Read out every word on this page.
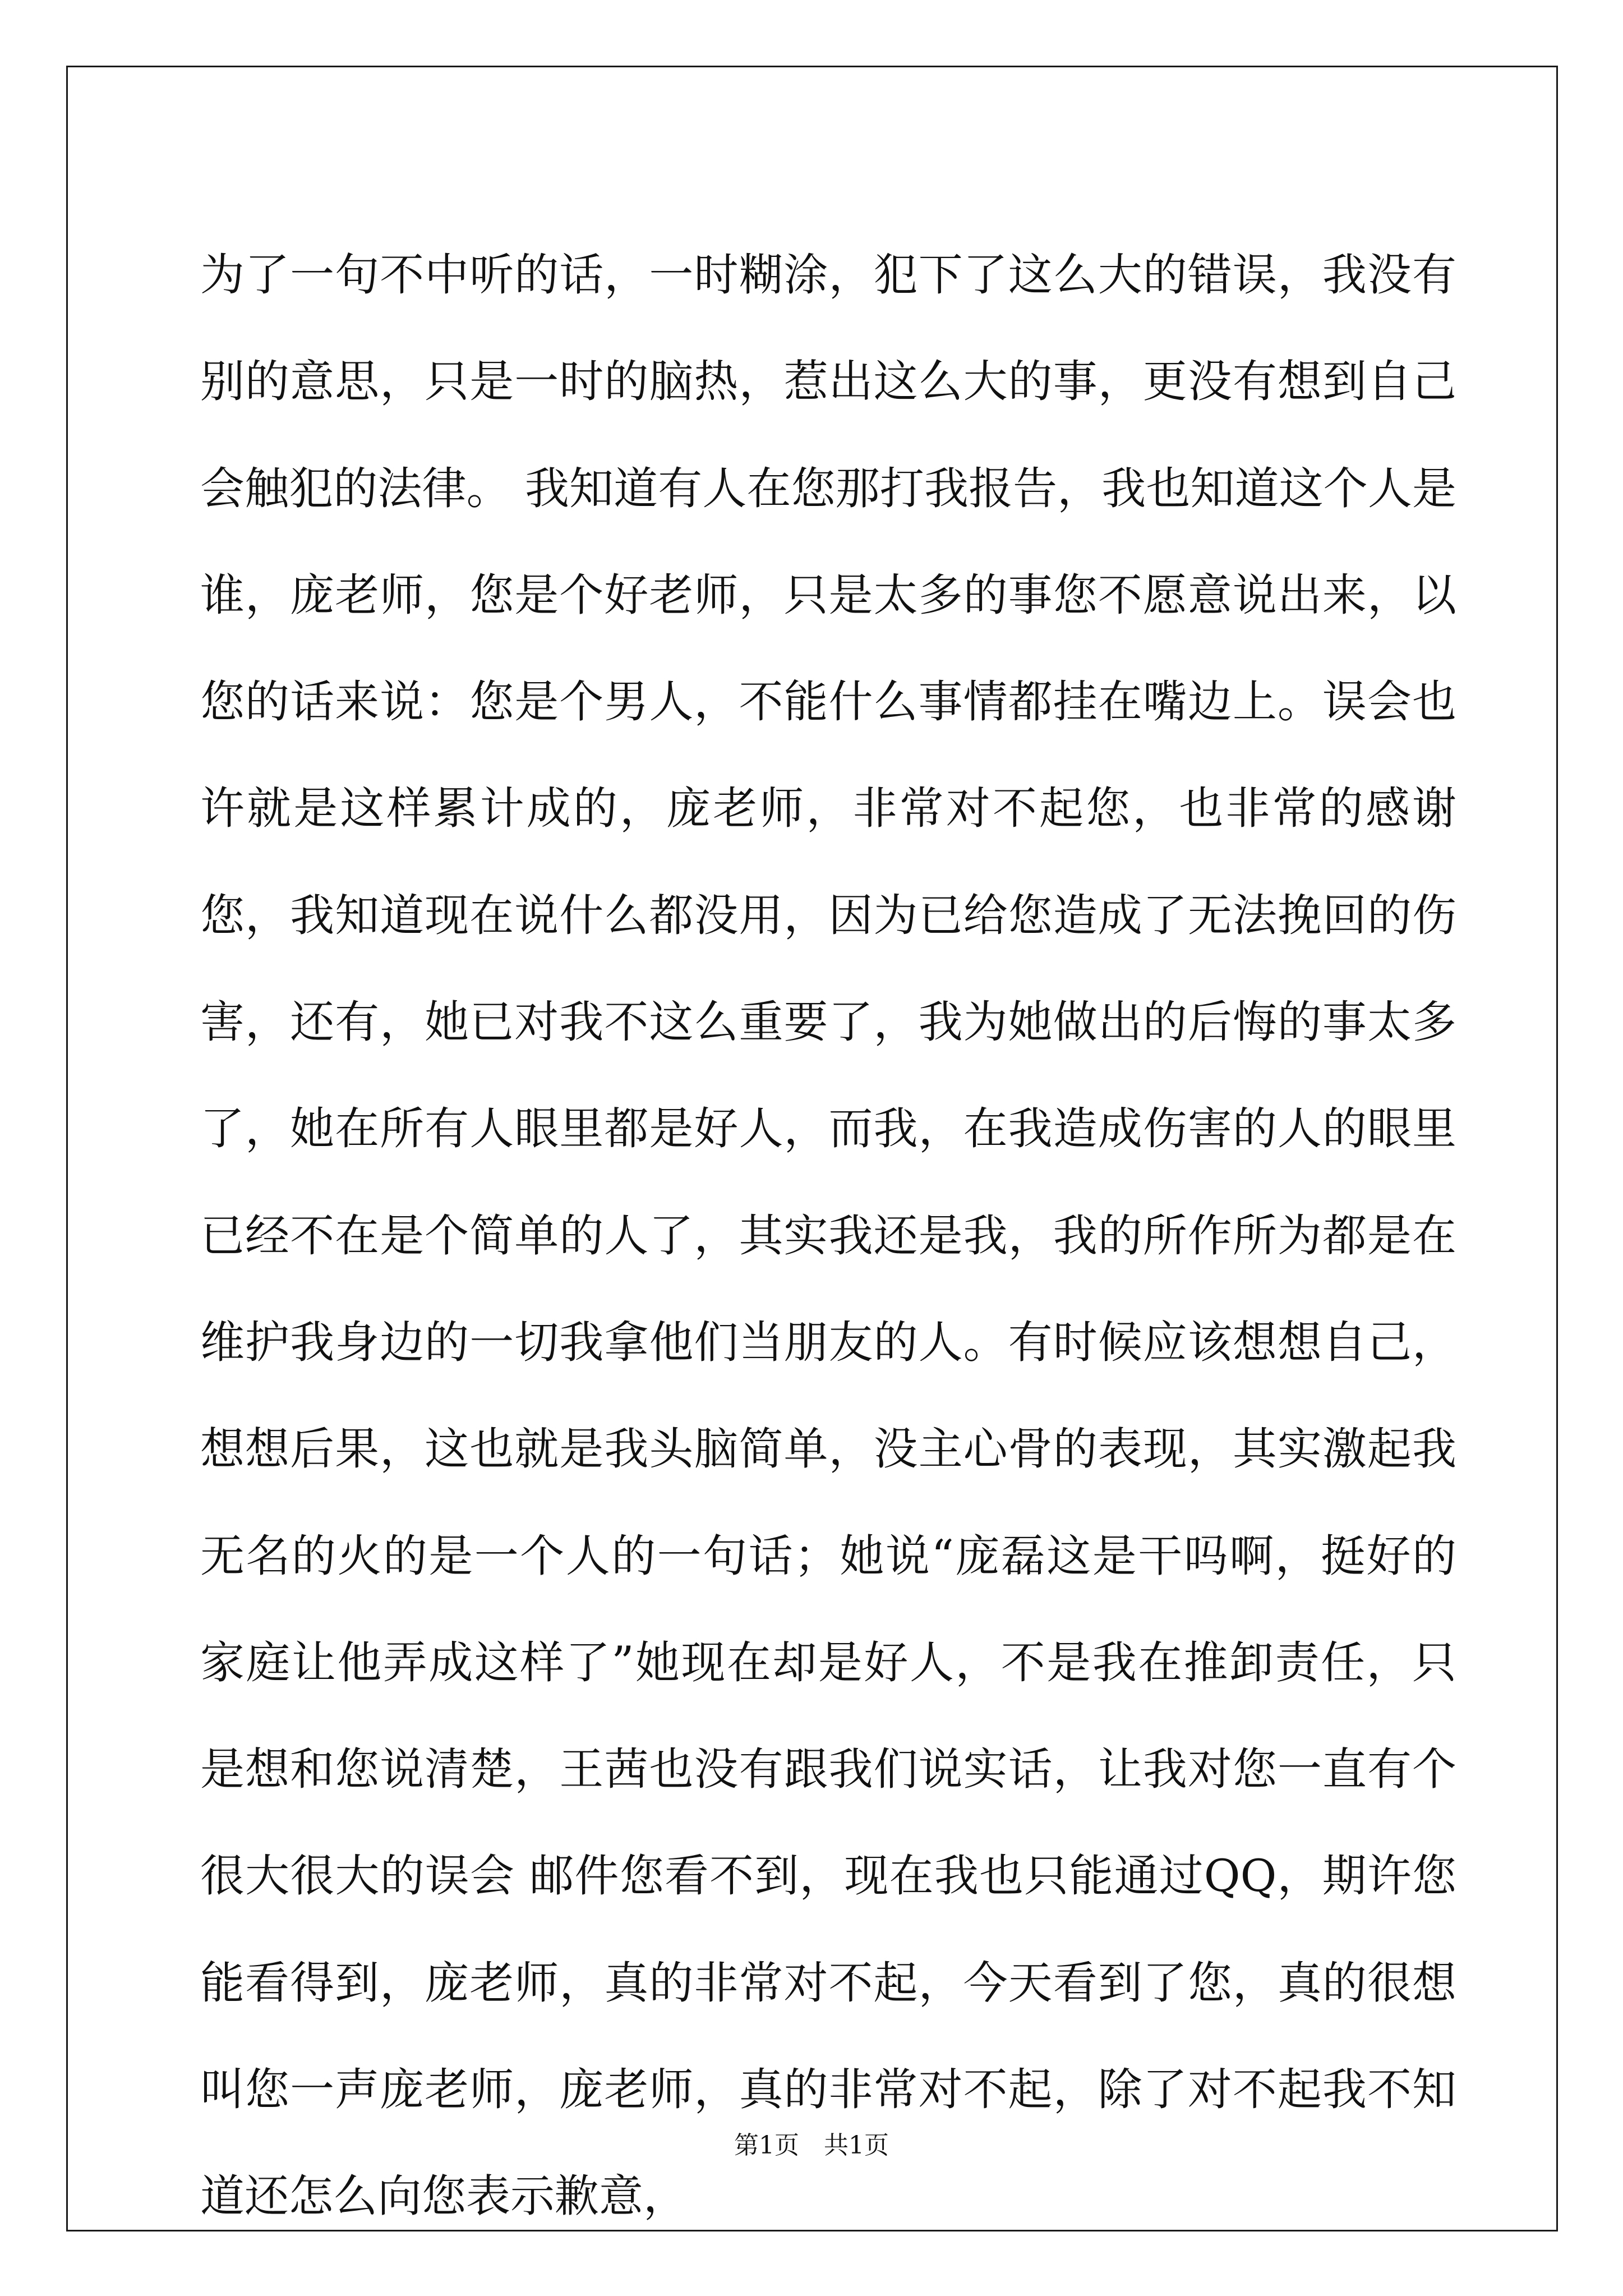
为了一句不中听的话，一时糊涂，犯下了这么大的错误，我没有别的意思，只是一时的脑热，惹出这么大的事，更没有想到自己会触犯的法律。 我知道有人在您那打我报告，我也知道这个人是谁，庞老师，您是个好老师，只是太多的事您不愿意说出来，以您的话来说：您是个男人，不能什么事情都挂在嘴边上。误会也许就是这样累计成的，庞老师，非常对不起您，也非常的感谢您，我知道现在说什么都没用，因为已给您造成了无法挽回的伤害，还有，她已对我不这么重要了，我为她做出的后悔的事太多了，她在所有人眼里都是好人，而我，在我造成伤害的人的眼里已经不在是个简单的人了，其实我还是我，我的所作所为都是在维护我身边的一切我拿他们当朋友的人。有时候应该想想自己，想想后果，这也就是我头脑简单，没主心骨的表现，其实激起我无名的火的是一个人的一句话；她说“庞磊这是干吗啊，挺好的家庭让他弄成这样了”她现在却是好人，不是我在推卸责任，只是想和您说清楚，王茜也没有跟我们说实话，让我对您一直有个很大很大的误会 邮件您看不到，现在我也只能通过QQ，期许您能看得到，庞老师，真的非常对不起，今天看到了您，真的很想叫您一声庞老师，庞老师，真的非常对不起，除了对不起我不知道还怎么向您表示歉意，

第1页 共1页
